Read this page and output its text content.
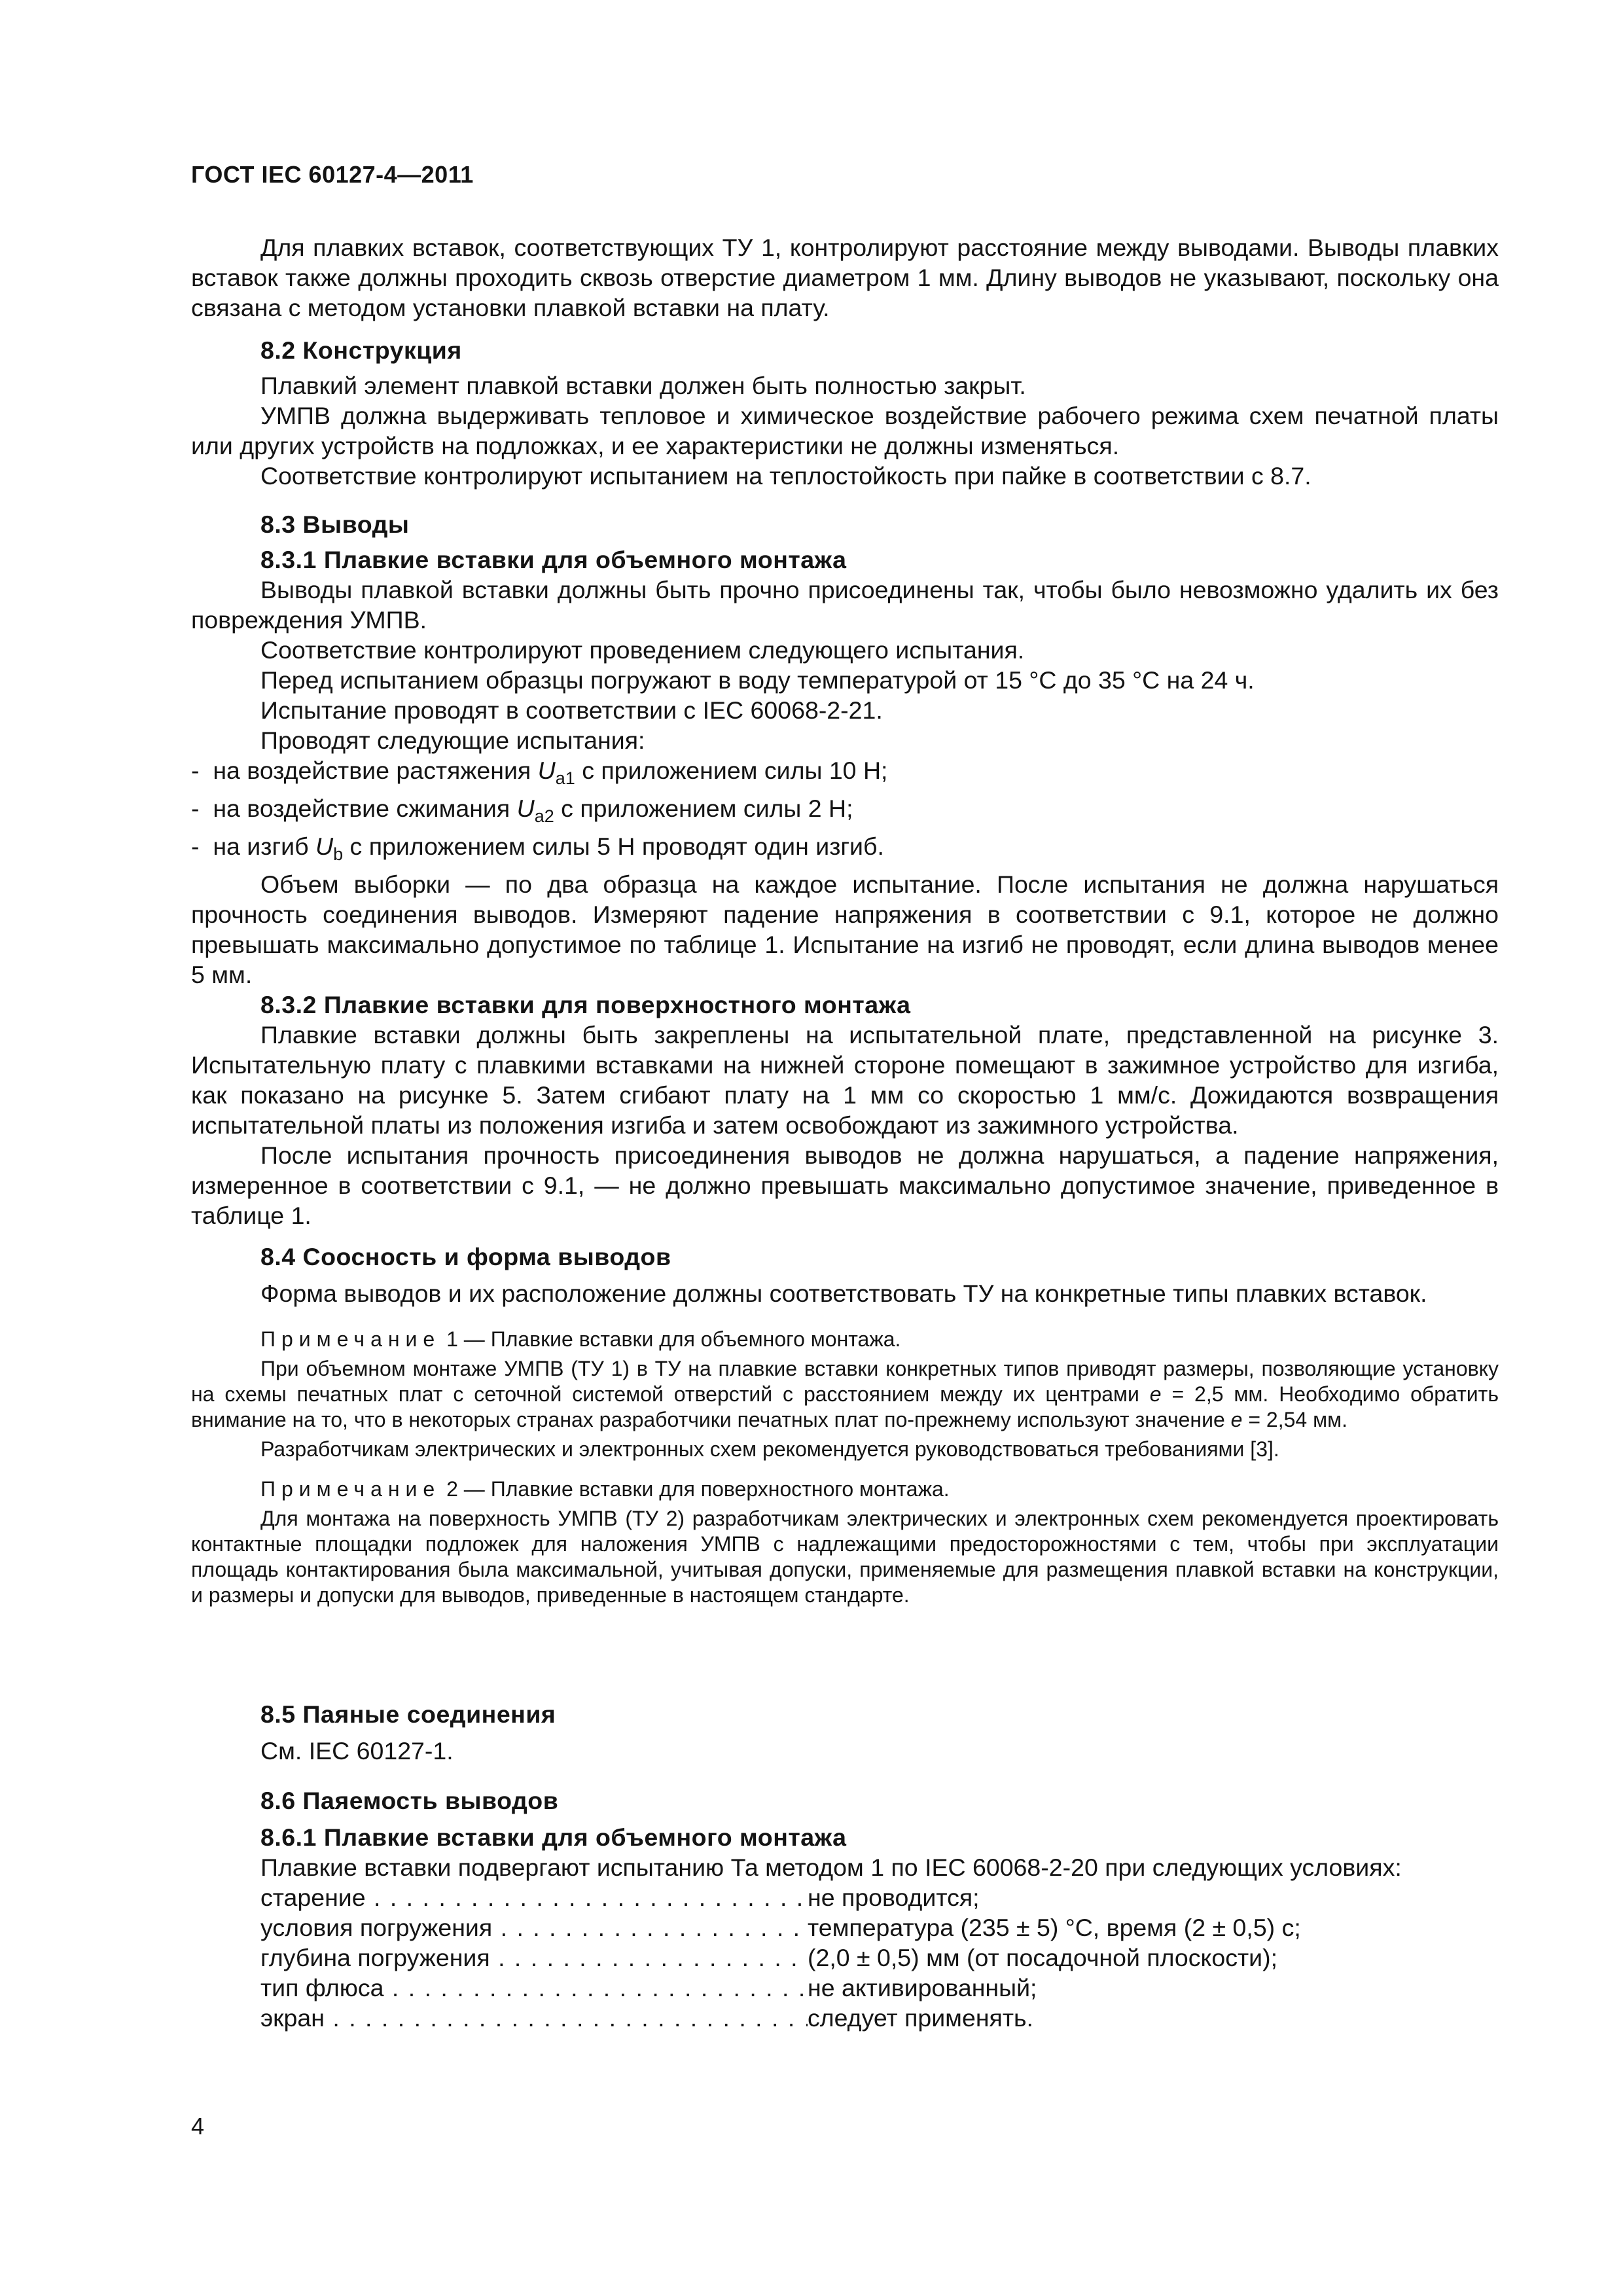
ГОСТ IEC 60127-4—2011

Для плавких вставок, соответствующих ТУ 1, контролируют расстояние между выводами. Выводы плавких вставок также должны проходить сквозь отверстие диаметром 1 мм. Длину выводов не указывают, поскольку она связана с методом установки плавкой вставки на плату.

8.2 Конструкция

Плавкий элемент плавкой вставки должен быть полностью закрыт.

УМПВ должна выдерживать тепловое и химическое воздействие рабочего режима схем печатной платы или других устройств на подложках, и ее характеристики не должны изменяться.

Соответствие контролируют испытанием на теплостойкость при пайке в соответствии с 8.7.

8.3 Выводы

8.3.1 Плавкие вставки для объемного монтажа

Выводы плавкой вставки должны быть прочно присоединены так, чтобы было невозможно удалить их без повреждения УМПВ.

Соответствие контролируют проведением следующего испытания.

Перед испытанием образцы погружают в воду температурой от 15 °С до 35 °С на 24 ч.

Испытание проводят в соответствии с IEC 60068-2-21.

Проводят следующие испытания:

-  на воздействие растяжения $U_{a1}$ с приложением силы 10 Н;

-  на воздействие сжимания $U_{a2}$ с приложением силы 2 Н;

-  на изгиб $U_b$ с приложением силы 5 Н проводят один изгиб.

Объем выборки — по два образца на каждое испытание. После испытания не должна нарушаться прочность соединения выводов. Измеряют падение напряжения в соответствии с 9.1, которое не должно превышать максимально допустимое по таблице 1. Испытание на изгиб не проводят, если длина выводов менее 5 мм.

8.3.2 Плавкие вставки для поверхностного монтажа

Плавкие вставки должны быть закреплены на испытательной плате, представленной на рисунке 3. Испытательную плату с плавкими вставками на нижней стороне помещают в зажимное устройство для изгиба, как показано на рисунке 5. Затем сгибают плату на 1 мм со скоростью 1 мм/с. Дожидаются возвращения испытательной платы из положения изгиба и затем освобождают из зажимного устройства.

После испытания прочность присоединения выводов не должна нарушаться, а падение напряжения, измеренное в соответствии с 9.1, — не должно превышать максимально допустимое значение, приведенное в таблице 1.

8.4 Соосность и форма выводов

Форма выводов и их расположение должны соответствовать ТУ на конкретные типы плавких вставок.

Примечание 1 — Плавкие вставки для объемного монтажа.

При объемном монтаже УМПВ (ТУ 1) в ТУ на плавкие вставки конкретных типов приводят размеры, позволяющие установку на схемы печатных плат с сеточной системой отверстий с расстоянием между их центрами e = 2,5 мм. Необходимо обратить внимание на то, что в некоторых странах разработчики печатных плат по-прежнему используют значение e = 2,54 мм.

Разработчикам электрических и электронных схем рекомендуется руководствоваться требованиями [3].

Примечание 2 — Плавкие вставки для поверхностного монтажа.

Для монтажа на поверхность УМПВ (ТУ 2) разработчикам электрических и электронных схем рекомендуется проектировать контактные площадки подложек для наложения УМПВ с надлежащими предосторожностями с тем, чтобы при эксплуатации площадь контактирования была максимальной, учитывая допуски, применяемые для размещения плавкой вставки на конструкции, и размеры и допуски для выводов, приведенные в настоящем стандарте.

8.5 Паяные соединения

См. IEC 60127-1.

8.6 Паяемость выводов

8.6.1 Плавкие вставки для объемного монтажа

Плавкие вставки подвергают испытанию Та методом 1 по IEC 60068-2-20 при следующих условиях:

старение . . .	не проводится;

условия погружения . . .	температура (235 ± 5) °С, время (2 ± 0,5) с;

глубина погружения . . .	(2,0 ± 0,5) мм (от посадочной плоскости);

тип флюса . . .	не активированный;

экран . . .	следует применять.

4
